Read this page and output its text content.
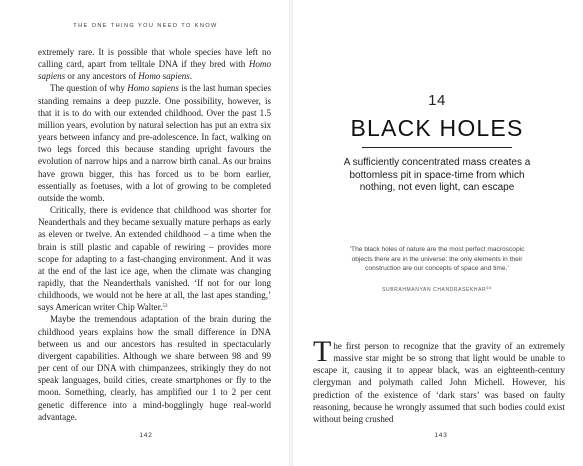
THE ONE THING YOU NEED TO KNOW

extremely rare. It is possible that whole species have left no calling card, apart from telltale DNA if they bred with Homo sapiens or any ancestors of Homo sapiens.

The question of why Homo sapiens is the last human species standing remains a deep puzzle. One possibility, however, is that it is to do with our extended childhood. Over the past 1.5 million years, evolution by natural selection has put an extra six years between infancy and pre-adolescence. In fact, walking on two legs forced this because standing upright favours the evolution of narrow hips and a narrow birth canal. As our brains have grown bigger, this has forced us to be born earlier, essentially as foetuses, with a lot of growing to be completed outside the womb.

Critically, there is evidence that childhood was shorter for Neanderthals and they became sexually mature perhaps as early as eleven or twelve. An extended childhood – a time when the brain is still plastic and capable of rewiring – provides more scope for adapting to a fast-changing environment. And it was at the end of the last ice age, when the climate was changing rapidly, that the Neanderthals vanished. ‘If not for our long childhoods, we would not be here at all, the last apes standing,’ says American writer Chip Walter.$^{53}$

Maybe the tremendous adaptation of the brain during the childhood years explains how the small difference in DNA between us and our ancestors has resulted in spectacularly divergent capabilities. Although we share between 98 and 99 per cent of our DNA with chimpanzees, strikingly they do not speak languages, build cities, create smartphones or fly to the moon. Something, clearly, has amplified our 1 to 2 per cent genetic difference into a mind-bogglingly huge real-world advantage.

142
14
BLACK HOLES
A sufficiently concentrated mass creates a bottomless pit in space-time from which nothing, not even light, can escape
‘The black holes of nature are the most perfect macroscopic objects there are in the universe: the only elements in their construction are our concepts of space and time.’
SUBRAHMANYAN CHANDRASEKHAR$^{54}$

The first person to recognize that the gravity of an extremely massive star might be so strong that light would be unable to escape it, causing it to appear black, was an eighteenth-century clergyman and polymath called John Michell. However, his prediction of the existence of ‘dark stars’ was based on faulty reasoning, because he wrongly assumed that such bodies could exist without being crushed

143
